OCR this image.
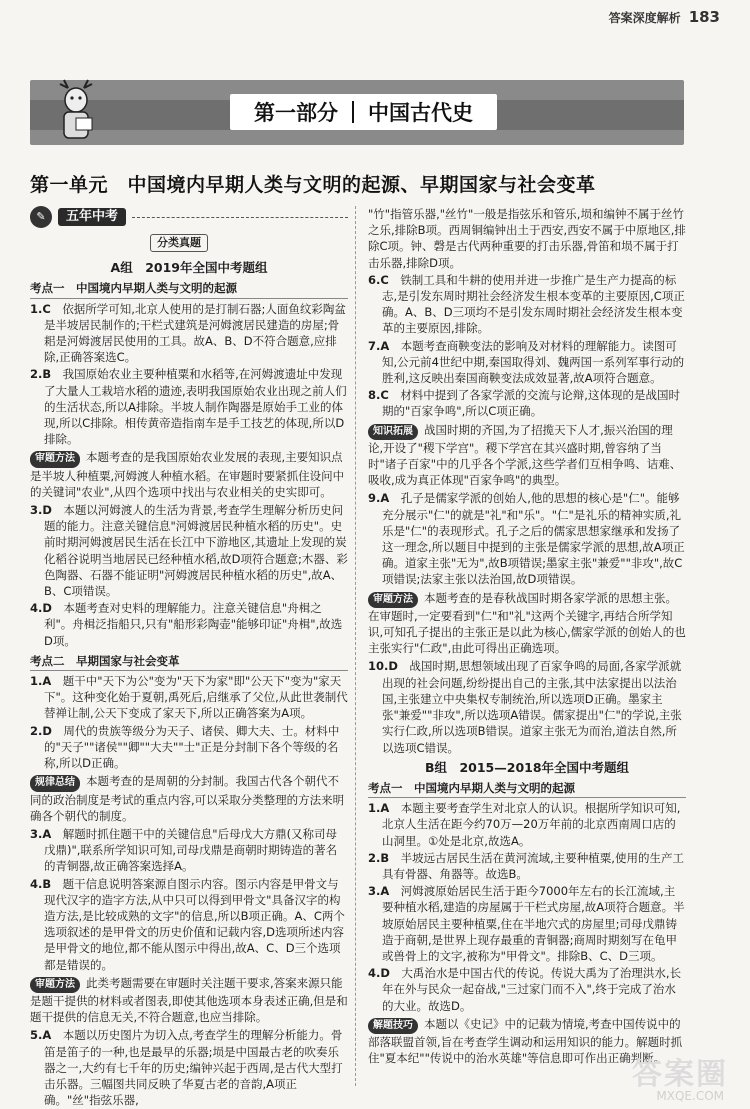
答案深度解析 183
第一部分 中国古代史
第一单元　中国境内早期人类与文明的起源、早期国家与社会变革
✎	五年中考
分类真题
A组　2019年全国中考题组
考点一　中国境内早期人类与文明的起源
1.C　依据所学可知,北京人使用的是打制石器;人面鱼纹彩陶盆是半坡居民制作的;干栏式建筑是河姆渡居民建造的房屋;骨耜是河姆渡居民使用的工具。故A、B、D不符合题意,应排除,正确答案选C。
2.B　我国原始农业主要种植粟和水稻等,在河姆渡遗址中发现了大量人工栽培水稻的遗迹,表明我国原始农业出现之前人们的生活状态,所以A排除。半坡人制作陶器是原始手工业的体现,所以C排除。相传黄帝造指南车是手工技艺的体现,所以D排除。
审题方法 本题考查的是我国原始农业发展的表现,主要知识点是半坡人种植粟,河姆渡人种植水稻。在审题时要紧抓住设问中的关键词"农业",从四个选项中找出与农业相关的史实即可。
3.D　本题以河姆渡人的生活为背景,考查学生理解分析历史问题的能力。注意关键信息"河姆渡居民种植水稻的历史"。史前时期河姆渡居民生活在长江中下游地区,其遗址上发现的炭化稻谷说明当地居民已经种植水稻,故D项符合题意;木器、彩色陶器、石器不能证明"河姆渡居民种植水稻的历史",故A、B、C项错误。
4.D　本题考查对史料的理解能力。注意关键信息"舟楫之利"。舟楫泛指船只,只有"船形彩陶壶"能够印证"舟楫",故选D项。
考点二　早期国家与社会变革
1.A　题干中"天下为公"变为"天下为家"即"公天下"变为"家天下"。这种变化始于夏朝,禹死后,启继承了父位,从此世袭制代替禅让制,公天下变成了家天下,所以正确答案为A项。
2.D　周代的贵族等级分为天子、诸侯、卿大夫、士。材料中的"天子""诸侯""卿""大夫""士"正是分封制下各个等级的名称,所以D正确。
规律总结 本题考查的是周朝的分封制。我国古代各个朝代不同的政治制度是考试的重点内容,可以采取分类整理的方法来明确各个朝代的制度。
3.A　解题时抓住题干中的关键信息"后母戊大方鼎(又称司母戊鼎)",联系所学知识可知,司母戊鼎是商朝时期铸造的著名的青铜器,故正确答案选择A。
4.B　题干信息说明答案源自图示内容。图示内容是甲骨文与现代汉字的造字方法,从中只可以得到甲骨文"具备汉字的构造方法,是比较成熟的文字"的信息,所以B项正确。A、C两个选项叙述的是甲骨文的历史价值和记载内容,D选项所述内容是甲骨文的地位,都不能从图示中得出,故A、C、D三个选项都是错误的。
审题方法 此类考题需要在审题时关注题干要求,答案来源只能是题干提供的材料或者图表,即使其他选项本身表述正确,但是和题干提供的信息无关,不符合题意,也应当排除。
5.A　本题以历史图片为切入点,考查学生的理解分析能力。骨笛是笛子的一种,也是最早的乐器;埙是中国最古老的吹奏乐器之一,大约有七千年的历史;编钟兴起于西周,是古代大型打击乐器。三幅图共同反映了华夏古老的音韵,A项正确。"丝"指弦乐器,
"竹"指管乐器,"丝竹"一般是指弦乐和管乐,埙和编钟不属于丝竹之乐,排除B项。西周铜编钟出土于西安,西安不属于中原地区,排除C项。钟、磬是古代两种重要的打击乐器,骨笛和埙不属于打击乐器,排除D项。
6.C　铁制工具和牛耕的使用并进一步推广是生产力提高的标志,是引发东周时期社会经济发生根本变革的主要原因,C项正确。A、B、D三项均不是引发东周时期社会经济发生根本变革的主要原因,排除。
7.A　本题考查商鞅变法的影响及对材料的理解能力。读图可知,公元前4世纪中期,秦国取得刘、魏两国一系列军事行动的胜利,这反映出秦国商鞅变法成效显著,故A项符合题意。
8.C　材料中提到了各家学派的交流与论辩,这体现的是战国时期的"百家争鸣",所以C项正确。
知识拓展 战国时期的齐国,为了招揽天下人才,振兴治国的理论,开设了"稷下学宫"。稷下学宫在其兴盛时期,曾容纳了当时"诸子百家"中的几乎各个学派,这些学者们互相争鸣、诘难、吸收,成为真正体现"百家争鸣"的典型。
9.A　孔子是儒家学派的创始人,他的思想的核心是"仁"。能够充分展示"仁"的就是"礼"和"乐"。"仁"是礼乐的精神实质,礼乐是"仁"的表现形式。孔子之后的儒家思想家继承和发扬了这一理念,所以题目中提到的主张是儒家学派的思想,故A项正确。道家主张"无为",故B项错误;墨家主张"兼爱""非攻",故C项错误;法家主张以法治国,故D项错误。
审题方法 本题考查的是春秋战国时期各家学派的思想主张。在审题时,一定要看到"仁"和"礼"这两个关键字,再结合所学知识,可知孔子提出的主张正是以此为核心,儒家学派的创始人的也主张实行"仁政",由此可得出正确选项。
10.D　战国时期,思想领域出现了百家争鸣的局面,各家学派就出现的社会问题,纷纷提出自己的主张,其中法家提出以法治国,主张建立中央集权专制统治,所以选项D正确。墨家主张"兼爱""非攻",所以选项A错误。儒家提出"仁"的学说,主张实行仁政,所以选项B错误。道家主张无为而治,道法自然,所以选项C错误。
B组　2015—2018年全国中考题组
考点一　中国境内早期人类与文明的起源
1.A　本题主要考查学生对北京人的认识。根据所学知识可知,北京人生活在距今约70万—20万年前的北京西南周口店的山洞里。①处是北京,故选A。
2.B　半坡远古居民生活在黄河流域,主要种植粟,使用的生产工具有骨器、角器等。故选B。
3.A　河姆渡原始居民生活于距今7000年左右的长江流域,主要种植水稻,建造的房屋属于干栏式房屋,故A项符合题意。半坡原始居民主要种植粟,住在半地穴式的房屋里;司母戊鼎铸造于商朝,是世界上现存最重的青铜器;商周时期刻写在龟甲或兽骨上的文字,被称为"甲骨文"。排除B、C、D三项。
4.D　大禹治水是中国古代的传说。传说大禹为了治理洪水,长年在外与民众一起奋战,"三过家门而不入",终于完成了治水的大业。故选D。
解题技巧 本题以《史记》中的记载为情境,考查中国传说中的部落联盟首领,旨在考查学生调动和运用知识的能力。解题时抓住"夏本纪""传说中的治水英雄"等信息即可作出正确判断。
答案圈
MXQE.COM
